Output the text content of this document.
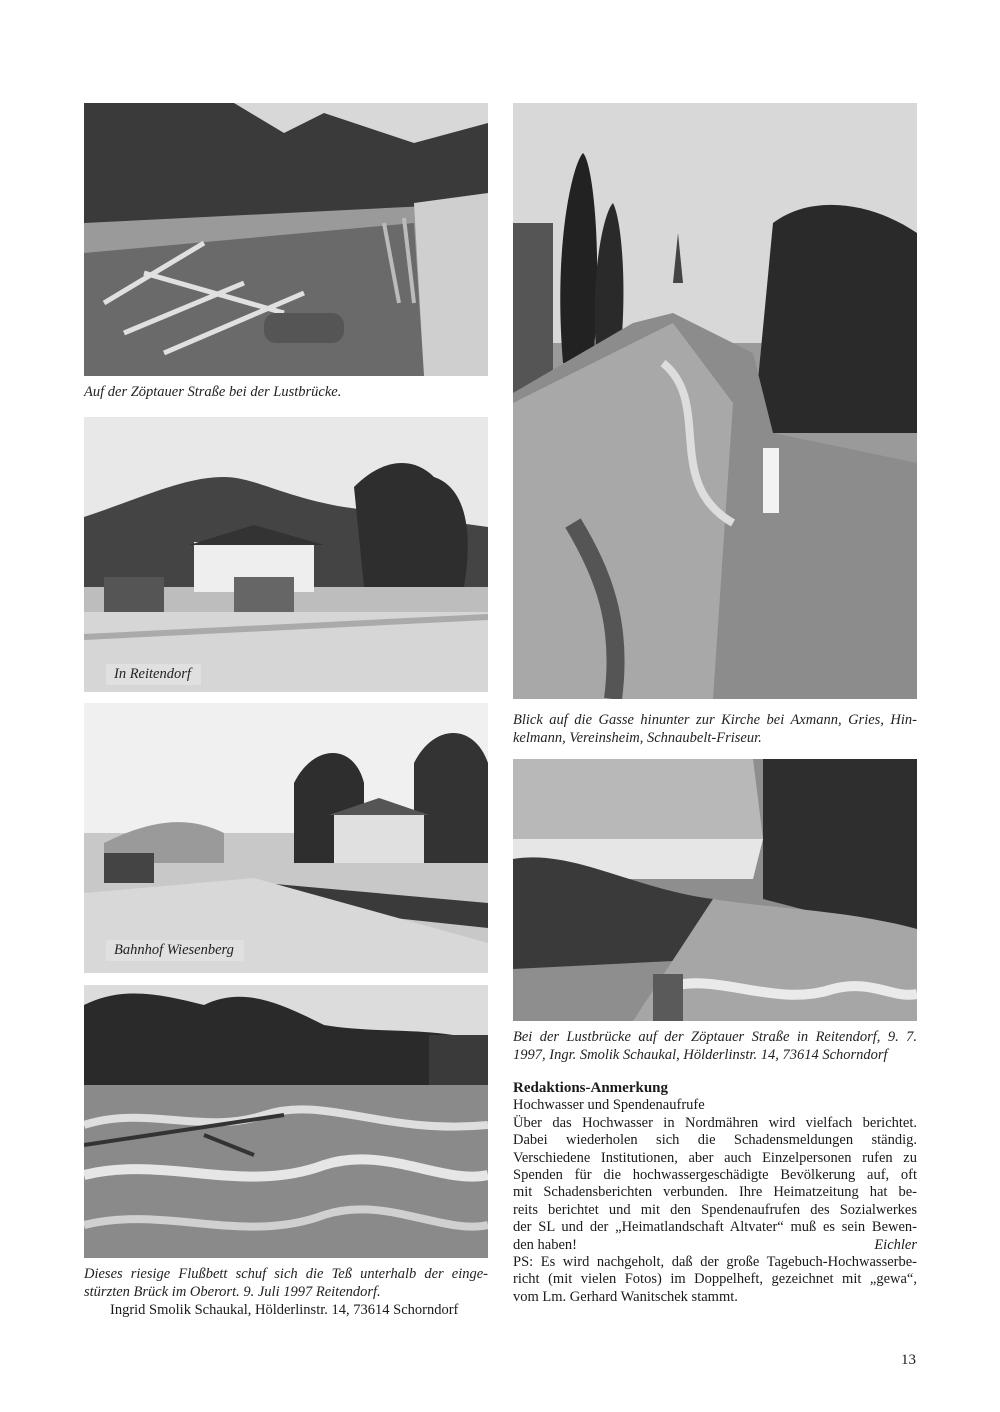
Auf der Zöptauer Straße bei der Lustbrücke.
In Reitendorf
Bahnhof Wiesenberg
Dieses riesige Flußbett schuf sich die Teß unterhalb der einge-
stürzten Brück im Oberort. 9. Juli 1997 Reitendorf.
Ingrid Smolik Schaukal, Hölderlinstr. 14, 73614 Schorndorf
Blick auf die Gasse hinunter zur Kirche bei Axmann, Gries, Hin-
kelmann, Vereinsheim, Schnaubelt-Friseur.
Bei der Lustbrücke auf der Zöptauer Straße in Reitendorf, 9. 7.
1997, Ingr. Smolik Schaukal, Hölderlinstr. 14, 73614 Schorndorf
Redaktions-Anmerkung
Hochwasser und Spendenaufrufe
Über das Hochwasser in Nordmähren wird vielfach berichtet.
Dabei wiederholen sich die Schadensmeldungen ständig.
Verschiedene Institutionen, aber auch Einzelpersonen rufen zu
Spenden für die hochwassergeschädigte Bevölkerung auf, oft
mit Schadensberichten verbunden. Ihre Heimatzeitung hat be-
reits berichtet und mit den Spendenaufrufen des Sozialwerkes
der SL und der „Heimatlandschaft Altvater“ muß es sein Bewen-
den haben!	Eichler
PS: Es wird nachgeholt, daß der große Tagebuch-Hochwasserbe-
richt (mit vielen Fotos) im Doppelheft, gezeichnet mit „gewa“,
vom Lm. Gerhard Wanitschek stammt.
13
